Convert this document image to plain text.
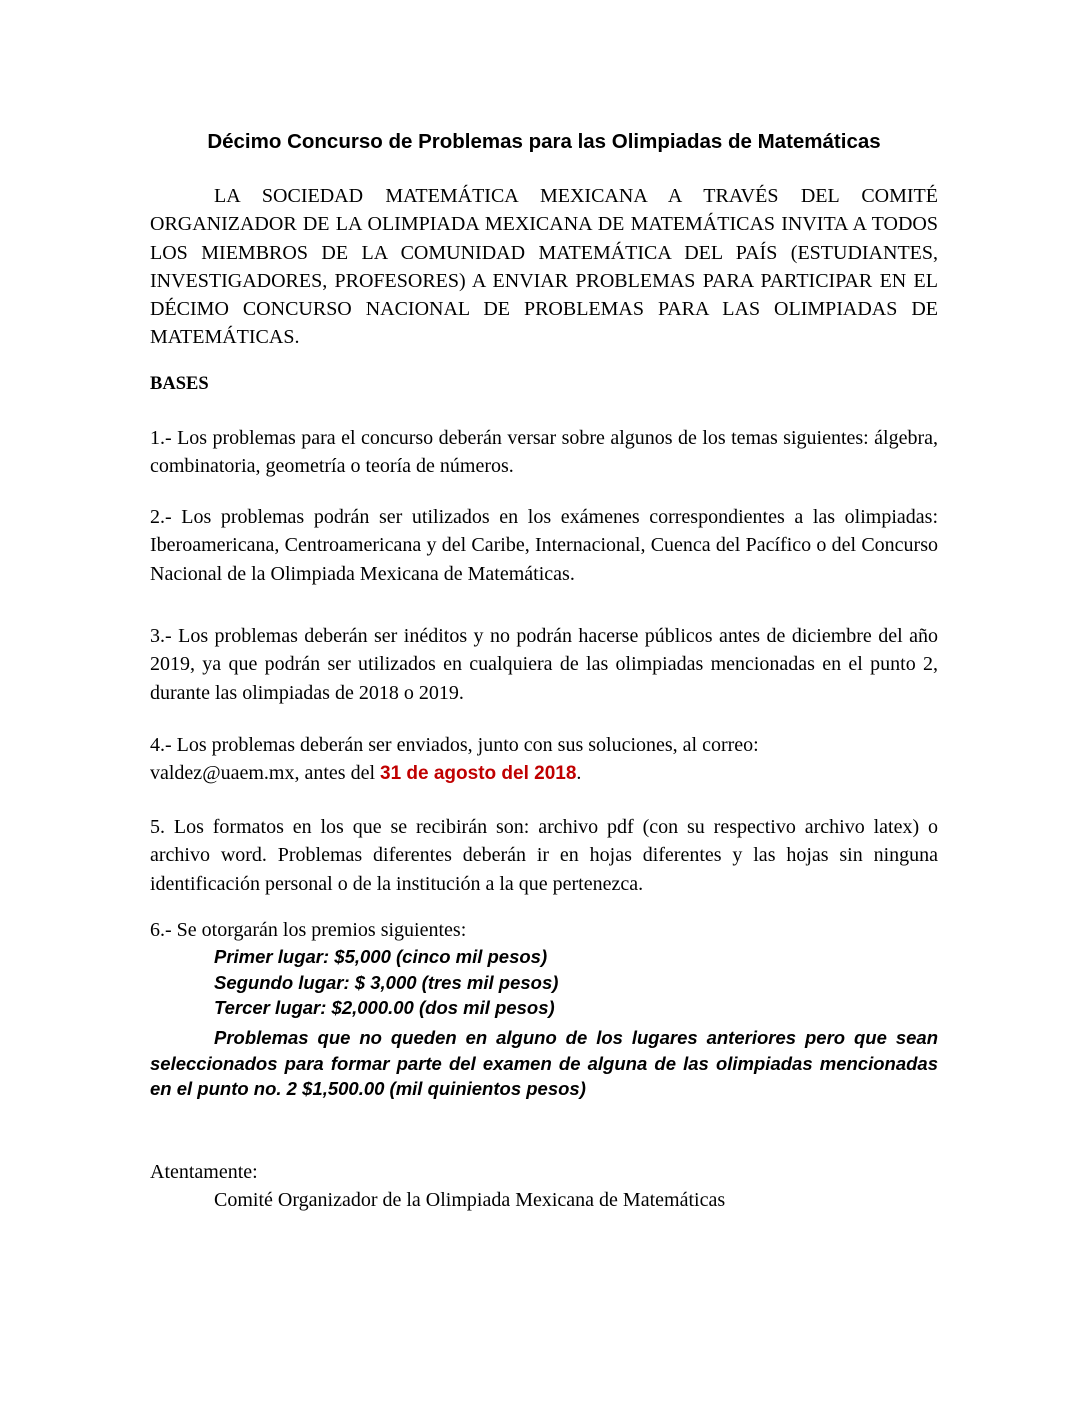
Décimo Concurso de Problemas para las Olimpiadas de Matemáticas

LA SOCIEDAD MATEMÁTICA MEXICANA A TRAVÉS DEL COMITÉ ORGANIZADOR DE LA OLIMPIADA MEXICANA DE MATEMÁTICAS INVITA A TODOS LOS MIEMBROS DE LA COMUNIDAD MATEMÁTICA DEL PAÍS (ESTUDIANTES, INVESTIGADORES, PROFESORES) A ENVIAR PROBLEMAS PARA PARTICIPAR EN EL DÉCIMO CONCURSO NACIONAL DE PROBLEMAS PARA LAS OLIMPIADAS DE MATEMÁTICAS.

BASES

1.- Los problemas para el concurso deberán versar sobre algunos de los temas siguientes: álgebra, combinatoria, geometría o teoría de números.

2.- Los problemas podrán ser utilizados en los exámenes correspondientes a las olimpiadas: Iberoamericana, Centroamericana y del Caribe, Internacional, Cuenca del Pacífico o del Concurso Nacional de la Olimpiada Mexicana de Matemáticas.

3.- Los problemas deberán ser inéditos y no podrán hacerse públicos antes de diciembre del año 2019, ya que podrán ser utilizados en cualquiera de las olimpiadas mencionadas en el punto 2, durante las olimpiadas de 2018 o 2019.

4.- Los problemas deberán ser enviados, junto con sus soluciones, al correo:
valdez@uaem.mx, antes del 31 de agosto del 2018.

5. Los formatos en los que se recibirán son: archivo pdf (con su respectivo archivo latex) o archivo word. Problemas diferentes deberán ir en hojas diferentes y las hojas sin ninguna identificación personal o de la institución a la que pertenezca.

6.- Se otorgarán los premios siguientes:
Primer lugar: $5,000 (cinco mil pesos)
Segundo lugar: $ 3,000 (tres mil pesos)
Tercer lugar: $2,000.00 (dos mil pesos)

Problemas que no queden en alguno de los lugares anteriores pero que sean seleccionados para formar parte del examen de alguna de las olimpiadas mencionadas en el punto no. 2 $1,500.00 (mil quinientos pesos)

Atentamente:

Comité Organizador de la Olimpiada Mexicana de Matemáticas
